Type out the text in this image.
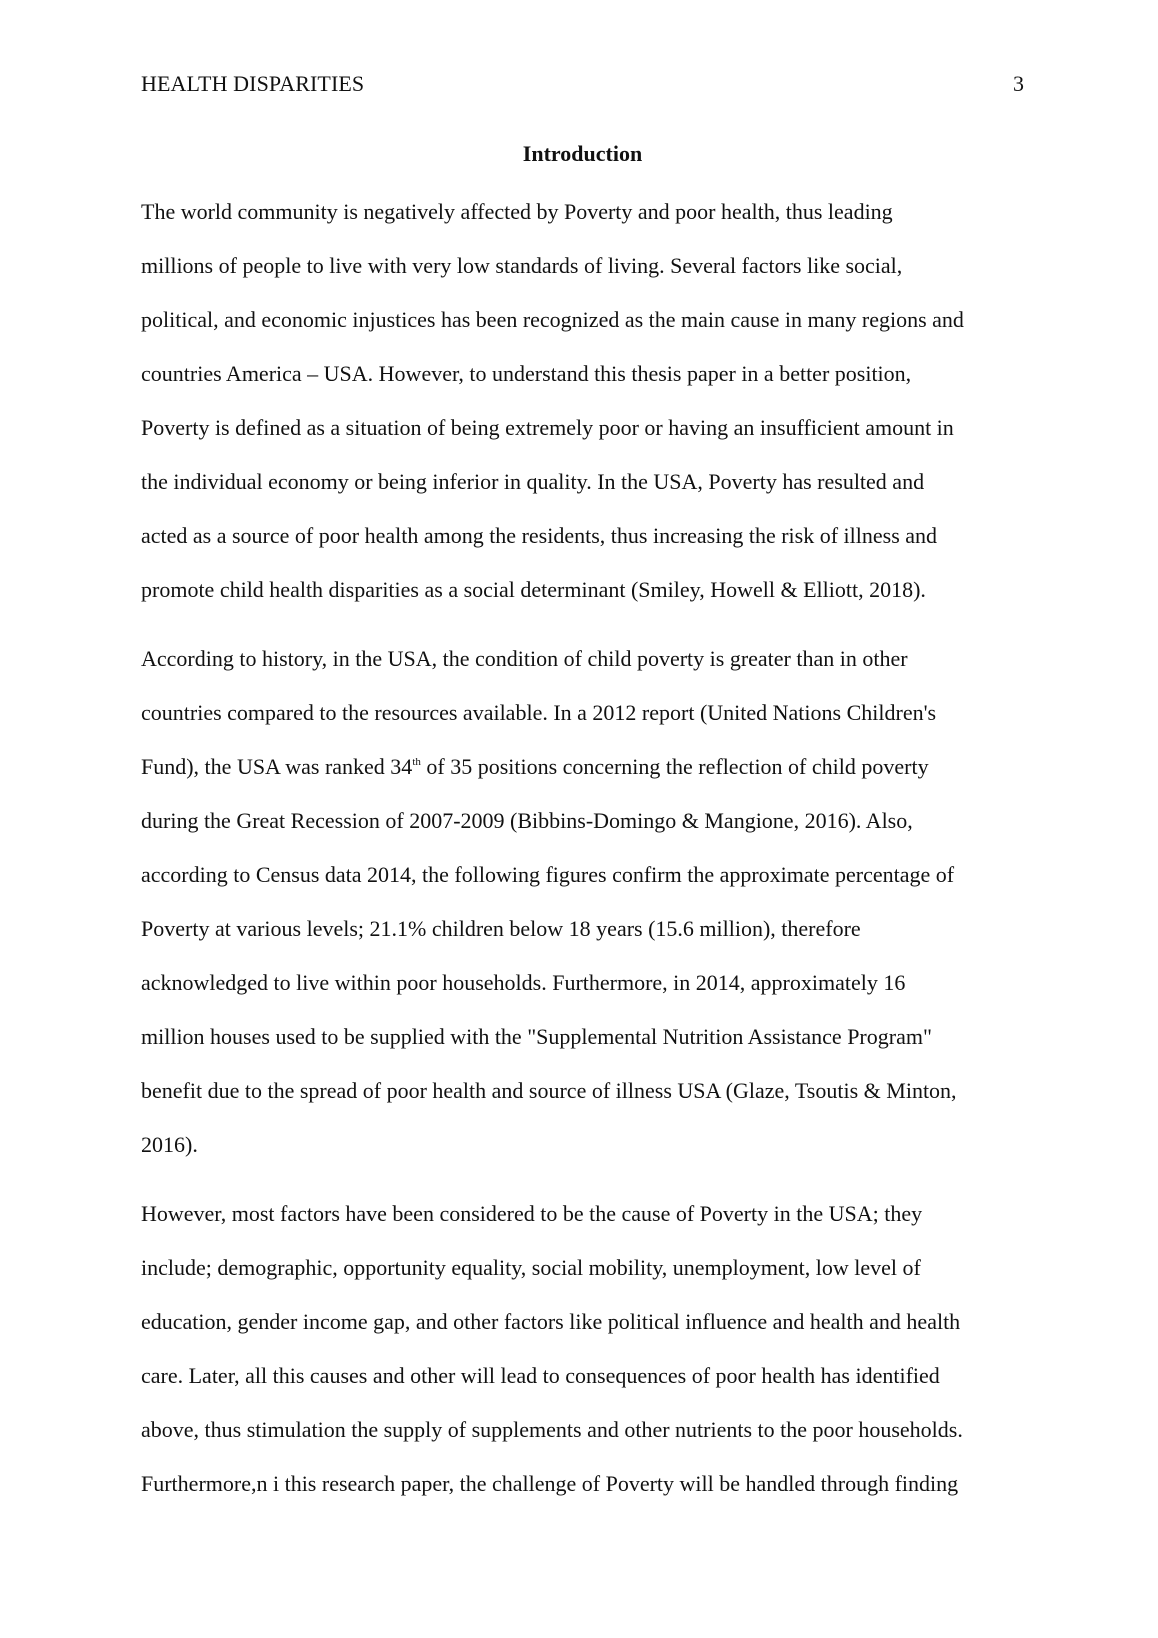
HEALTH DISPARITIES	3
Introduction
The world community is negatively affected by Poverty and poor health, thus leading
millions of people to live with very low standards of living. Several factors like social,
political, and economic injustices has been recognized as the main cause in many regions and
countries America – USA. However, to understand this thesis paper in a better position,
Poverty is defined as a situation of being extremely poor or having an insufficient amount in
the individual economy or being inferior in quality. In the USA, Poverty has resulted and
acted as a source of poor health among the residents, thus increasing the risk of illness and
promote child health disparities as a social determinant (Smiley, Howell & Elliott, 2018).
According to history, in the USA, the condition of child poverty is greater than in other
countries compared to the resources available. In a 2012 report (United Nations Children's
Fund), the USA was ranked 34th of 35 positions concerning the reflection of child poverty
during the Great Recession of 2007-2009 (Bibbins-Domingo & Mangione, 2016). Also,
according to Census data 2014, the following figures confirm the approximate percentage of
Poverty at various levels; 21.1% children below 18 years (15.6 million), therefore
acknowledged to live within poor households. Furthermore, in 2014, approximately 16
million houses used to be supplied with the "Supplemental Nutrition Assistance Program"
benefit due to the spread of poor health and source of illness USA (Glaze, Tsoutis & Minton,
2016).
However, most factors have been considered to be the cause of Poverty in the USA; they
include; demographic, opportunity equality, social mobility, unemployment, low level of
education, gender income gap, and other factors like political influence and health and health
care. Later, all this causes and other will lead to consequences of poor health has identified
above, thus stimulation the supply of supplements and other nutrients to the poor households.
Furthermore,n i this research paper, the challenge of Poverty will be handled through finding
